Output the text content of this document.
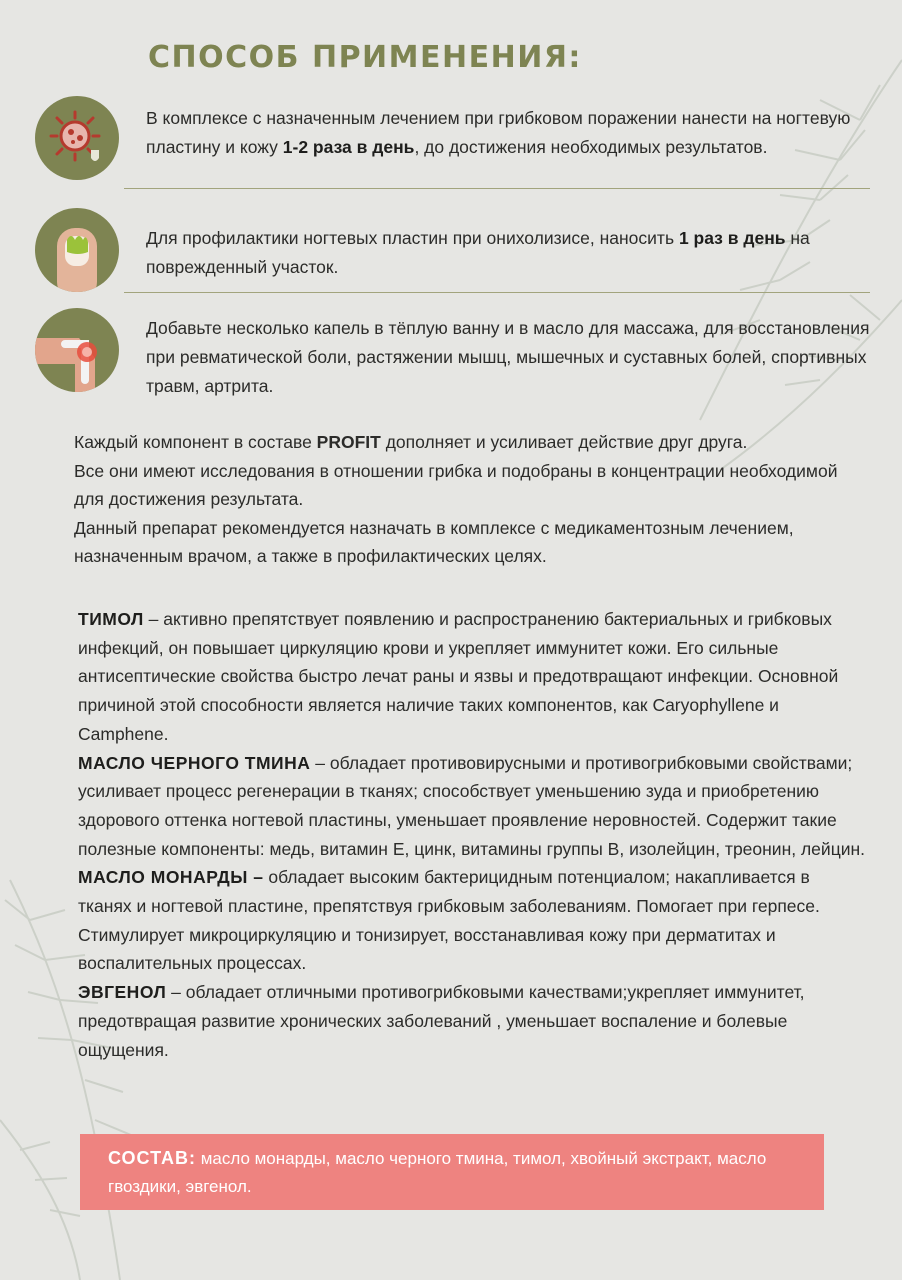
СПОСОБ ПРИМЕНЕНИЯ:
В комплексе с назначенным лечением при грибковом поражении нанести на ногтевую пластину и кожу 1-2 раза в день, до достижения необходимых результатов.
Для профилактики ногтевых пластин при онихолизисе, наносить 1 раз в день на поврежденный участок.
Добавьте несколько капель в тёплую ванну и в масло для массажа, для восстановления при ревматической боли, растяжении мышц, мышечных и суставных болей, спортивных травм, артрита.

Каждый компонент в составе PROFIT дополняет и усиливает действие друг друга.

Все они имеют исследования в отношении грибка и подобраны в концентрации необходимой для достижения результата.

Данный препарат рекомендуется назначать в комплексе с медикаментозным лечением, назначенным врачом, а также в профилактических целях.

ТИМОЛ – активно препятствует появлению и распространению бактериальных и грибковых инфекций, он повышает циркуляцию крови и укрепляет иммунитет кожи. Его сильные антисептические свойства быстро лечат раны и язвы и предотвращают инфекции. Основной причиной этой способности является наличие таких компонентов, как Caryophyllene и Camphene.

МАСЛО ЧЕРНОГО ТМИНА – обладает противовирусными и противогрибковыми свойствами; усиливает процесс регенерации в тканях; способствует уменьшению зуда и приобретению здорового оттенка ногтевой пластины, уменьшает проявление неровностей. Содержит такие полезные компоненты: медь, витамин Е, цинк, витамины группы В, изолейцин, треонин, лейцин.

МАСЛО МОНАРДЫ – обладает высоким бактерицидным потенциалом; накапливается в тканях и ногтевой пластине, препятствуя грибковым заболеваниям. Помогает при герпесе. Стимулирует микроциркуляцию и тонизирует, восстанавливая кожу при дерматитах и воспалительных процессах.

ЭВГЕНОЛ – обладает отличными противогрибковыми качествами;укрепляет иммунитет, предотвращая развитие хронических заболеваний , уменьшает воспаление и болевые ощущения.

СОСТАВ: масло монарды, масло черного тмина, тимол, хвойный экстракт, масло гвоздики, эвгенол.
